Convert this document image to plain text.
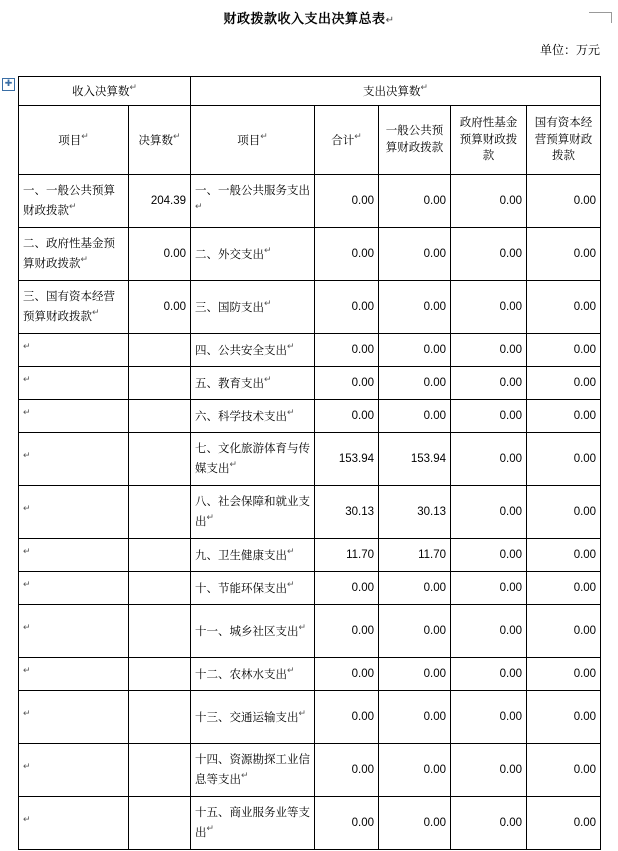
财政拨款收入支出决算总表↵
单位：万元
✚
收入决算数↵		支出决算数↵
项目↵	决算数↵	项目↵	合计↵	一般公共预算财政拨款	政府性基金预算财政拨款	国有资本经营预算财政拨款
一、一般公共预算财政拨款↵	204.39	一、一般公共服务支出↵	0.00	0.00	0.00	0.00
二、政府性基金预算财政拨款↵	0.00	二、外交支出↵	0.00	0.00	0.00	0.00
三、国有资本经营预算财政拨款↵	0.00	三、国防支出↵	0.00	0.00	0.00	0.00
↵		四、公共安全支出↵	0.00	0.00	0.00	0.00
↵		五、教育支出↵	0.00	0.00	0.00	0.00
↵		六、科学技术支出↵	0.00	0.00	0.00	0.00
↵		七、文化旅游体育与传媒支出↵	153.94	153.94	0.00	0.00
↵		八、社会保障和就业支出↵	30.13	30.13	0.00	0.00
↵		九、卫生健康支出↵	11.70	11.70	0.00	0.00
↵		十、节能环保支出↵	0.00	0.00	0.00	0.00
↵		十一、城乡社区支出↵	0.00	0.00	0.00	0.00
↵		十二、农林水支出↵	0.00	0.00	0.00	0.00
↵		十三、交通运输支出↵	0.00	0.00	0.00	0.00
↵		十四、资源勘探工业信息等支出↵	0.00	0.00	0.00	0.00
↵		十五、商业服务业等支出↵	0.00	0.00	0.00	0.00
